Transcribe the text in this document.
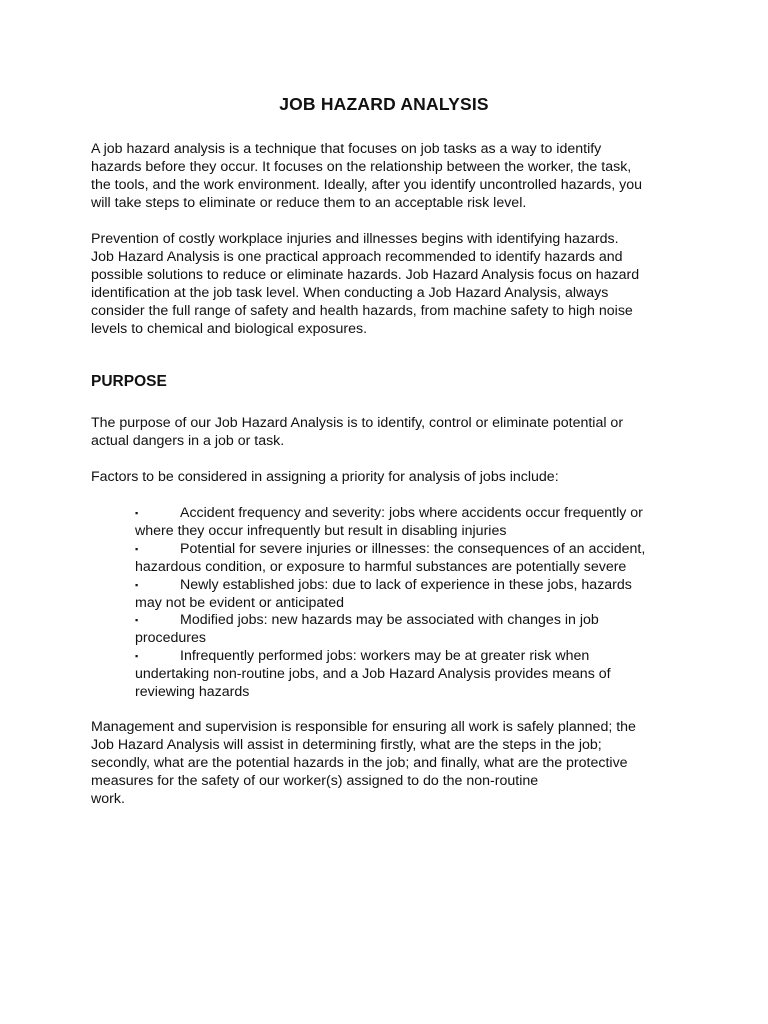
JOB HAZARD ANALYSIS

A job hazard analysis is a technique that focuses on job tasks as a way to identify

hazards before they occur. It focuses on the relationship between the worker, the task,

the tools, and the work environment. Ideally, after you identify uncontrolled hazards, you

will take steps to eliminate or reduce them to an acceptable risk level.

Prevention of costly workplace injuries and illnesses begins with identifying hazards.

Job Hazard Analysis is one practical approach recommended to identify hazards and

possible solutions to reduce or eliminate hazards. Job Hazard Analysis focus on hazard

identification at the job task level. When conducting a Job Hazard Analysis, always

consider the full range of safety and health hazards, from machine safety to high noise

levels to chemical and biological exposures.

PURPOSE

The purpose of our Job Hazard Analysis is to identify, control or eliminate potential or

actual dangers in a job or task.

Factors to be considered in assigning a priority for analysis of jobs include:

▪	Accident frequency and severity: jobs where accidents occur frequently or
where they occur infrequently but result in disabling injuries
▪	Potential for severe injuries or illnesses: the consequences of an accident,
hazardous condition, or exposure to harmful substances are potentially severe
▪	Newly established jobs: due to lack of experience in these jobs, hazards
may not be evident or anticipated
▪	Modified jobs: new hazards may be associated with changes in job
procedures
▪	Infrequently performed jobs: workers may be at greater risk when
undertaking non-routine jobs, and a Job Hazard Analysis provides means of
reviewing hazards

Management and supervision is responsible for ensuring all work is safely planned; the

Job Hazard Analysis will assist in determining firstly, what are the steps in the job;

secondly, what are the potential hazards in the job; and finally, what are the protective

measures for the safety of our worker(s) assigned to do the non-routine

work.
